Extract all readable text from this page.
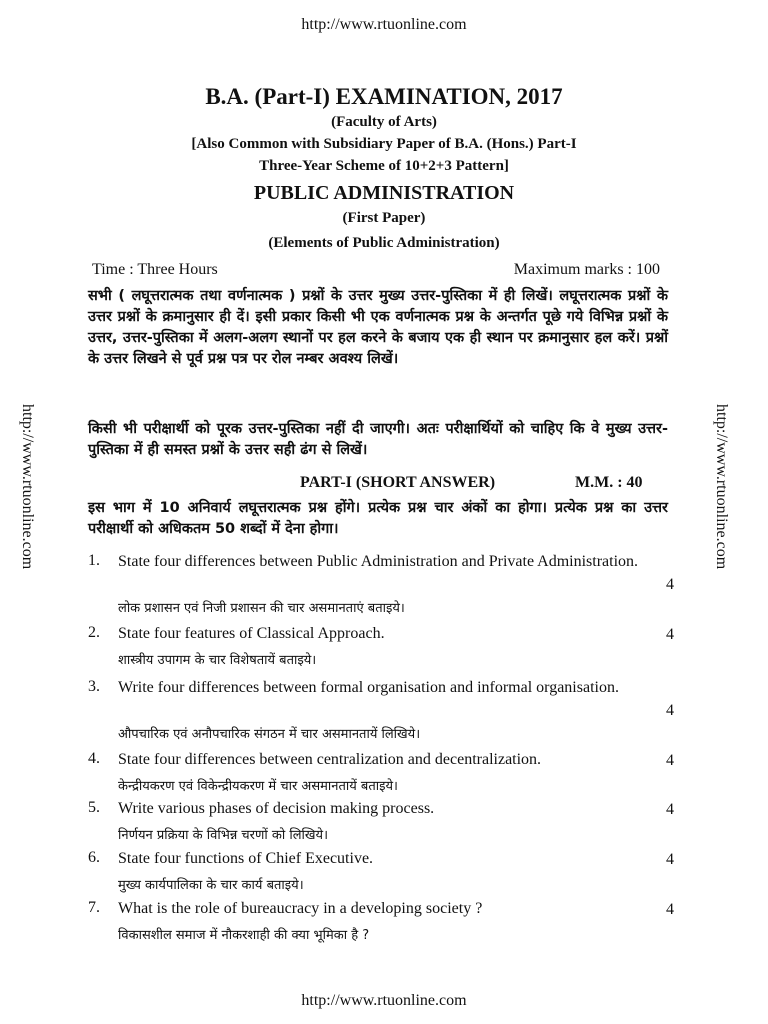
http://www.rtuonline.com
http://www.rtuonline.com
http://www.rtuonline.com	http://www.rtuonline.com
B.A. (Part-I) EXAMINATION, 2017
(Faculty of Arts)
[Also Common with Subsidiary Paper of B.A. (Hons.) Part-I
Three-Year Scheme of 10+2+3 Pattern]
PUBLIC ADMINISTRATION
(First Paper)
(Elements of Public Administration)
Time : Three Hours	Maximum marks : 100
सभी ( लघूत्तरात्मक तथा वर्णनात्मक ) प्रश्नों के उत्तर मुख्य उत्तर-पुस्तिका में ही लिखें। लघूत्तरात्मक प्रश्नों के उत्तर प्रश्नों के क्रमानुसार ही दें। इसी प्रकार किसी भी एक वर्णनात्मक प्रश्न के अन्तर्गत पूछे गये विभिन्न प्रश्नों के उत्तर, उत्तर-पुस्तिका में अलग-अलग स्थानों पर हल करने के बजाय एक ही स्थान पर क्रमानुसार हल करें। प्रश्नों के उत्तर लिखने से पूर्व प्रश्न पत्र पर रोल नम्बर अवश्य लिखें।
किसी भी परीक्षार्थी को पूरक उत्तर-पुस्तिका नहीं दी जाएगी। अतः परीक्षार्थियों को चाहिए कि वे मुख्य उत्तर-पुस्तिका में ही समस्त प्रश्नों के उत्तर सही ढंग से लिखें।
PART-I (SHORT ANSWER)	M.M. : 40
इस भाग में 10 अनिवार्य लघूत्तरात्मक प्रश्न होंगे। प्रत्येक प्रश्न चार अंकों का होगा। प्रत्येक प्रश्न का उत्तर परीक्षार्थी को अधिकतम 50 शब्दों में देना होगा।
1. State four differences between Public Administration and Private Administration.
4
लोक प्रशासन एवं निजी प्रशासन की चार असमानताएं बताइये।
2. State four features of Classical Approach.	4
शास्त्रीय उपागम के चार विशेषतायें बताइये।
3. Write four differences between formal organisation and informal organisation.
4
औपचारिक एवं अनौपचारिक संगठन में चार असमानतायें लिखिये।
4. State four differences between centralization and decentralization.	4
केन्द्रीयकरण एवं विकेन्द्रीयकरण में चार असमानतायें बताइये।
5. Write various phases of decision making process.	4
निर्णयन प्रक्रिया के विभिन्न चरणों को लिखिये।
6. State four functions of Chief Executive.	4
मुख्य कार्यपालिका के चार कार्य बताइये।
7. What is the role of bureaucracy in a developing society ?	4
विकासशील समाज में नौकरशाही की क्या भूमिका है ?
